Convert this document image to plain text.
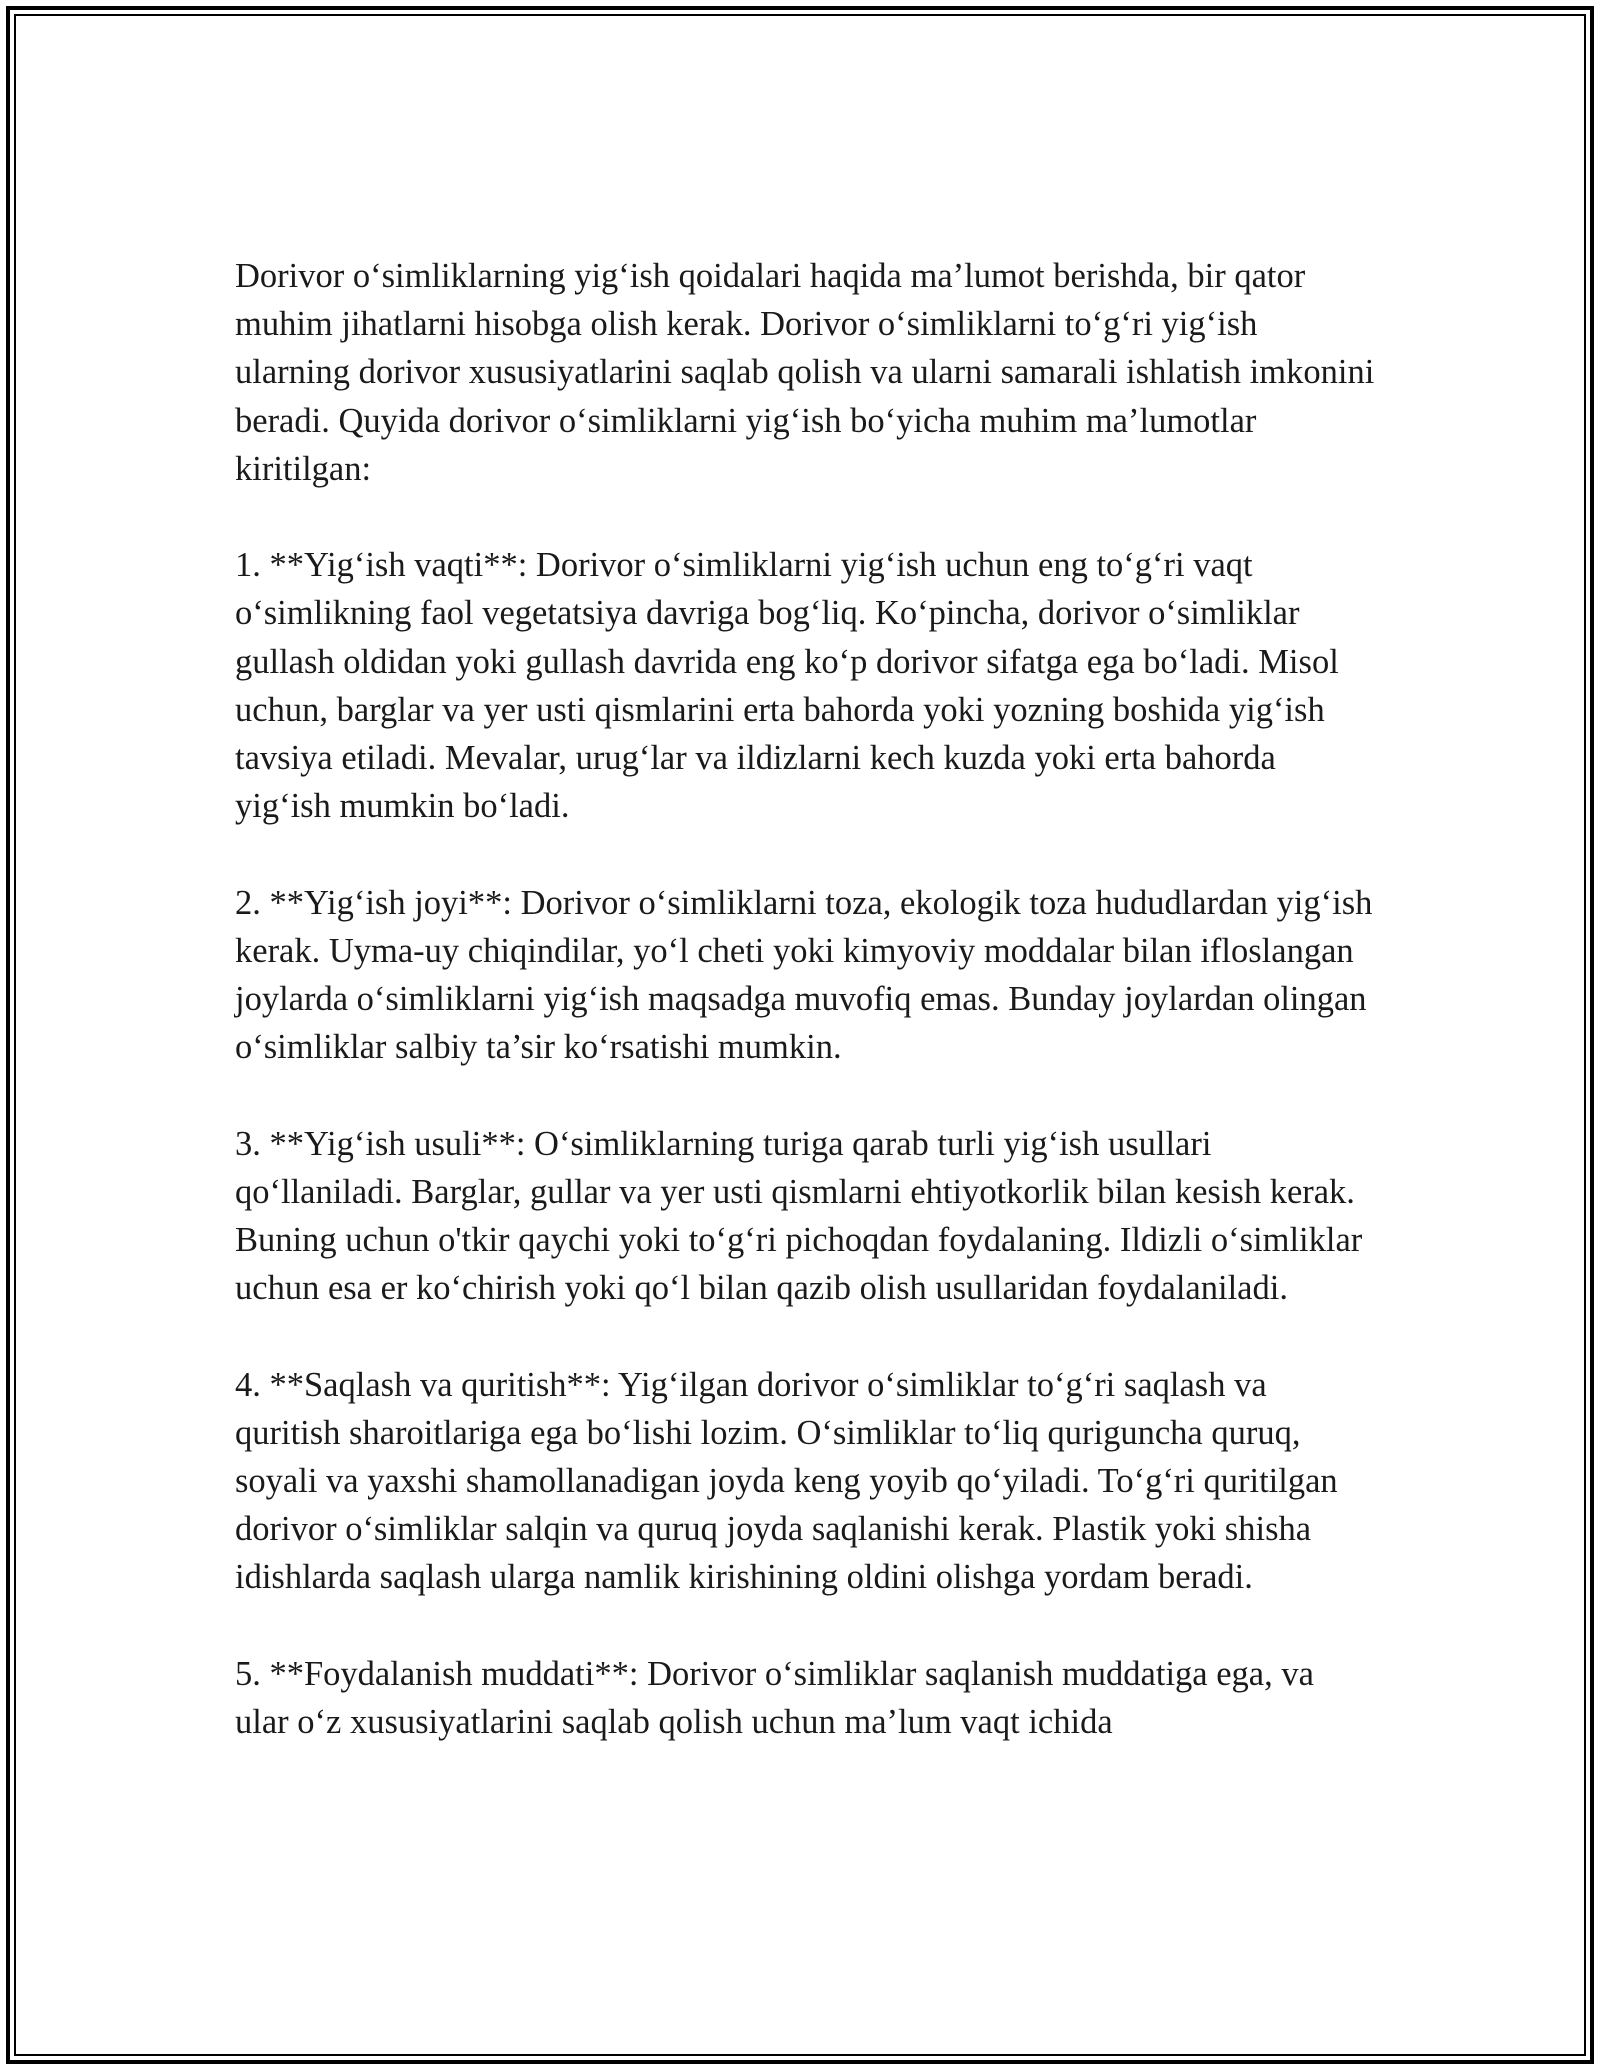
Dorivor o‘simliklarning yig‘ish qoidalari haqida ma’lumot berishda, bir qator muhim jihatlarni hisobga olish kerak. Dorivor o‘simliklarni to‘g‘ri yig‘ish ularning dorivor xususiyatlarini saqlab qolish va ularni samarali ishlatish imkonini beradi. Quyida dorivor o‘simliklarni yig‘ish bo‘yicha muhim ma’lumotlar kiritilgan:

1. **Yig‘ish vaqti**: Dorivor o‘simliklarni yig‘ish uchun eng to‘g‘ri vaqt o‘simlikning faol vegetatsiya davriga bog‘liq. Ko‘pincha, dorivor o‘simliklar gullash oldidan yoki gullash davrida eng ko‘p dorivor sifatga ega bo‘ladi. Misol uchun, barglar va yer usti qismlarini erta bahorda yoki yozning boshida yig‘ish tavsiya etiladi. Mevalar, urug‘lar va ildizlarni kech kuzda yoki erta bahorda yig‘ish mumkin bo‘ladi.

2. **Yig‘ish joyi**: Dorivor o‘simliklarni toza, ekologik toza hududlardan yig‘ish kerak. Uyma-uy chiqindilar, yo‘l cheti yoki kimyoviy moddalar bilan ifloslangan joylarda o‘simliklarni yig‘ish maqsadga muvofiq emas. Bunday joylardan olingan o‘simliklar salbiy ta’sir ko‘rsatishi mumkin.

3. **Yig‘ish usuli**: O‘simliklarning turiga qarab turli yig‘ish usullari qo‘llaniladi. Barglar, gullar va yer usti qismlarni ehtiyotkorlik bilan kesish kerak. Buning uchun o'tkir qaychi yoki to‘g‘ri pichoqdan foydalaning. Ildizli o‘simliklar uchun esa er ko‘chirish yoki qo‘l bilan qazib olish usullaridan foydalaniladi.

4. **Saqlash va quritish**: Yig‘ilgan dorivor o‘simliklar to‘g‘ri saqlash va quritish sharoitlariga ega bo‘lishi lozim. O‘simliklar to‘liq qurigunchа quruq, soyali va yaxshi shamollanadigan joyda keng yoyib qo‘yiladi. To‘g‘ri quritilgan dorivor o‘simliklar salqin va quruq joyda saqlanishi kerak. Plastik yoki shisha idishlarda saqlash ularga namlik kirishining oldini olishga yordam beradi.

5. **Foydalanish muddati**: Dorivor o‘simliklar saqlanish muddatiga ega, va ular o‘z xususiyatlarini saqlab qolish uchun ma’lum vaqt ichida
